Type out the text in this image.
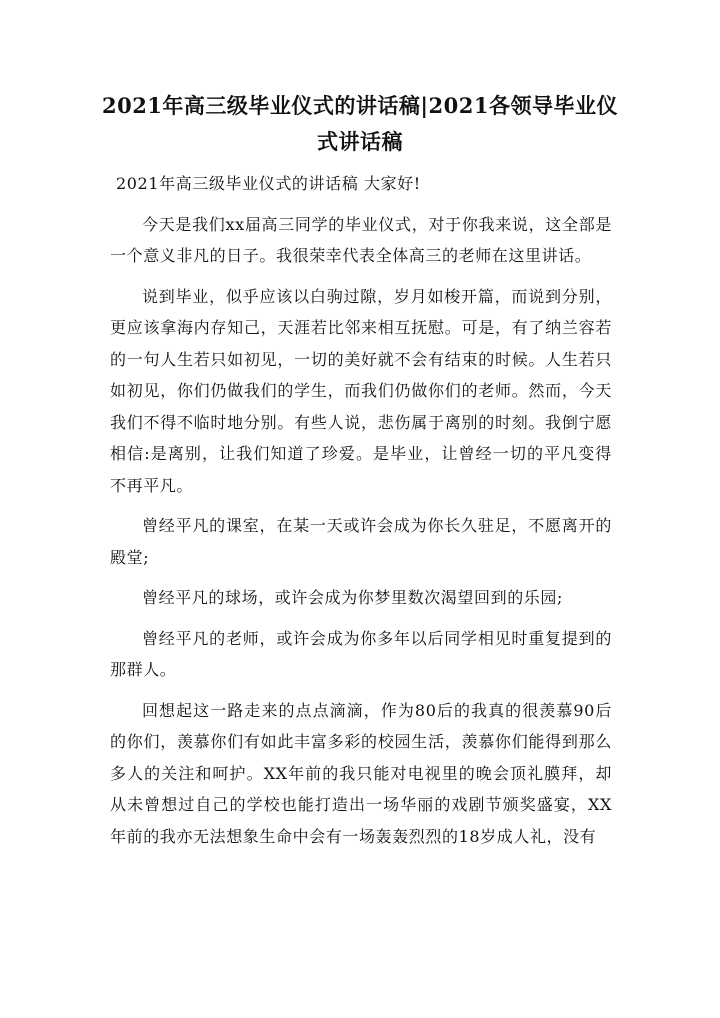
2021年高三级毕业仪式的讲话稿|2021各领导毕业仪式讲话稿

2021年高三级毕业仪式的讲话稿 大家好!

今天是我们xx届高三同学的毕业仪式，对于你我来说，这全部是一个意义非凡的日子。我很荣幸代表全体高三的老师在这里讲话。

说到毕业，似乎应该以白驹过隙，岁月如梭开篇，而说到分别，更应该拿海内存知己，天涯若比邻来相互抚慰。可是，有了纳兰容若的一句人生若只如初见，一切的美好就不会有结束的时候。人生若只如初见，你们仍做我们的学生，而我们仍做你们的老师。然而，今天我们不得不临时地分别。有些人说，悲伤属于离别的时刻。我倒宁愿相信:是离别，让我们知道了珍爱。是毕业，让曾经一切的平凡变得不再平凡。

曾经平凡的课室，在某一天或许会成为你长久驻足，不愿离开的殿堂;

曾经平凡的球场，或许会成为你梦里数次渴望回到的乐园;

曾经平凡的老师，或许会成为你多年以后同学相见时重复提到的那群人。

回想起这一路走来的点点滴滴，作为80后的我真的很羡慕90后的你们，羡慕你们有如此丰富多彩的校园生活，羡慕你们能得到那么多人的关注和呵护。XX年前的我只能对电视里的晚会顶礼膜拜，却从未曾想过自己的学校也能打造出一场华丽的戏剧节颁奖盛宴，XX年前的我亦无法想象生命中会有一场轰轰烈烈的18岁成人礼，没有
